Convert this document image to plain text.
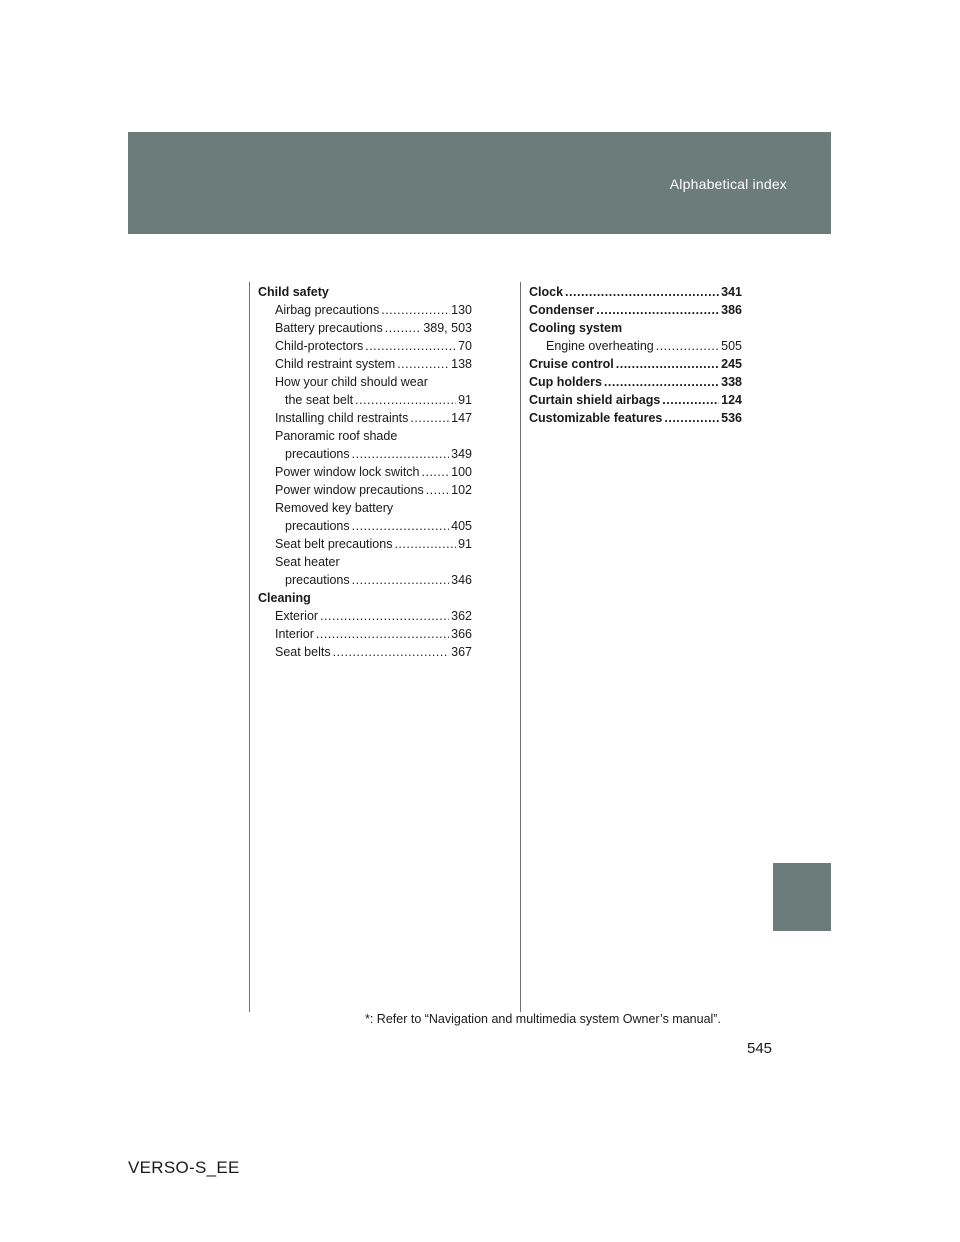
Alphabetical index
Child safety
Airbag precautions .....	130
Battery precautions .....	389, 503
Child-protectors .....	70
Child restraint system .....	138
How your child should wear
the seat belt .....	91
Installing child restraints .....	147
Panoramic roof shade
precautions .....	349
Power window lock switch .....	100
Power window precautions ..... 102
Removed key battery
precautions .....	405
Seat belt precautions .....	91
Seat heater
precautions .....	346
Cleaning
Exterior .....	362
Interior .....	366
Seat belts .....	367
Clock .....	341
Condenser .....	386
Cooling system
Engine overheating .....	505
Cruise control .....	245
Cup holders .....	338
Curtain shield airbags .....	124
Customizable features .....	536
*: Refer to “Navigation and multimedia system Owner’s manual”.
545
VERSO-S_EE
